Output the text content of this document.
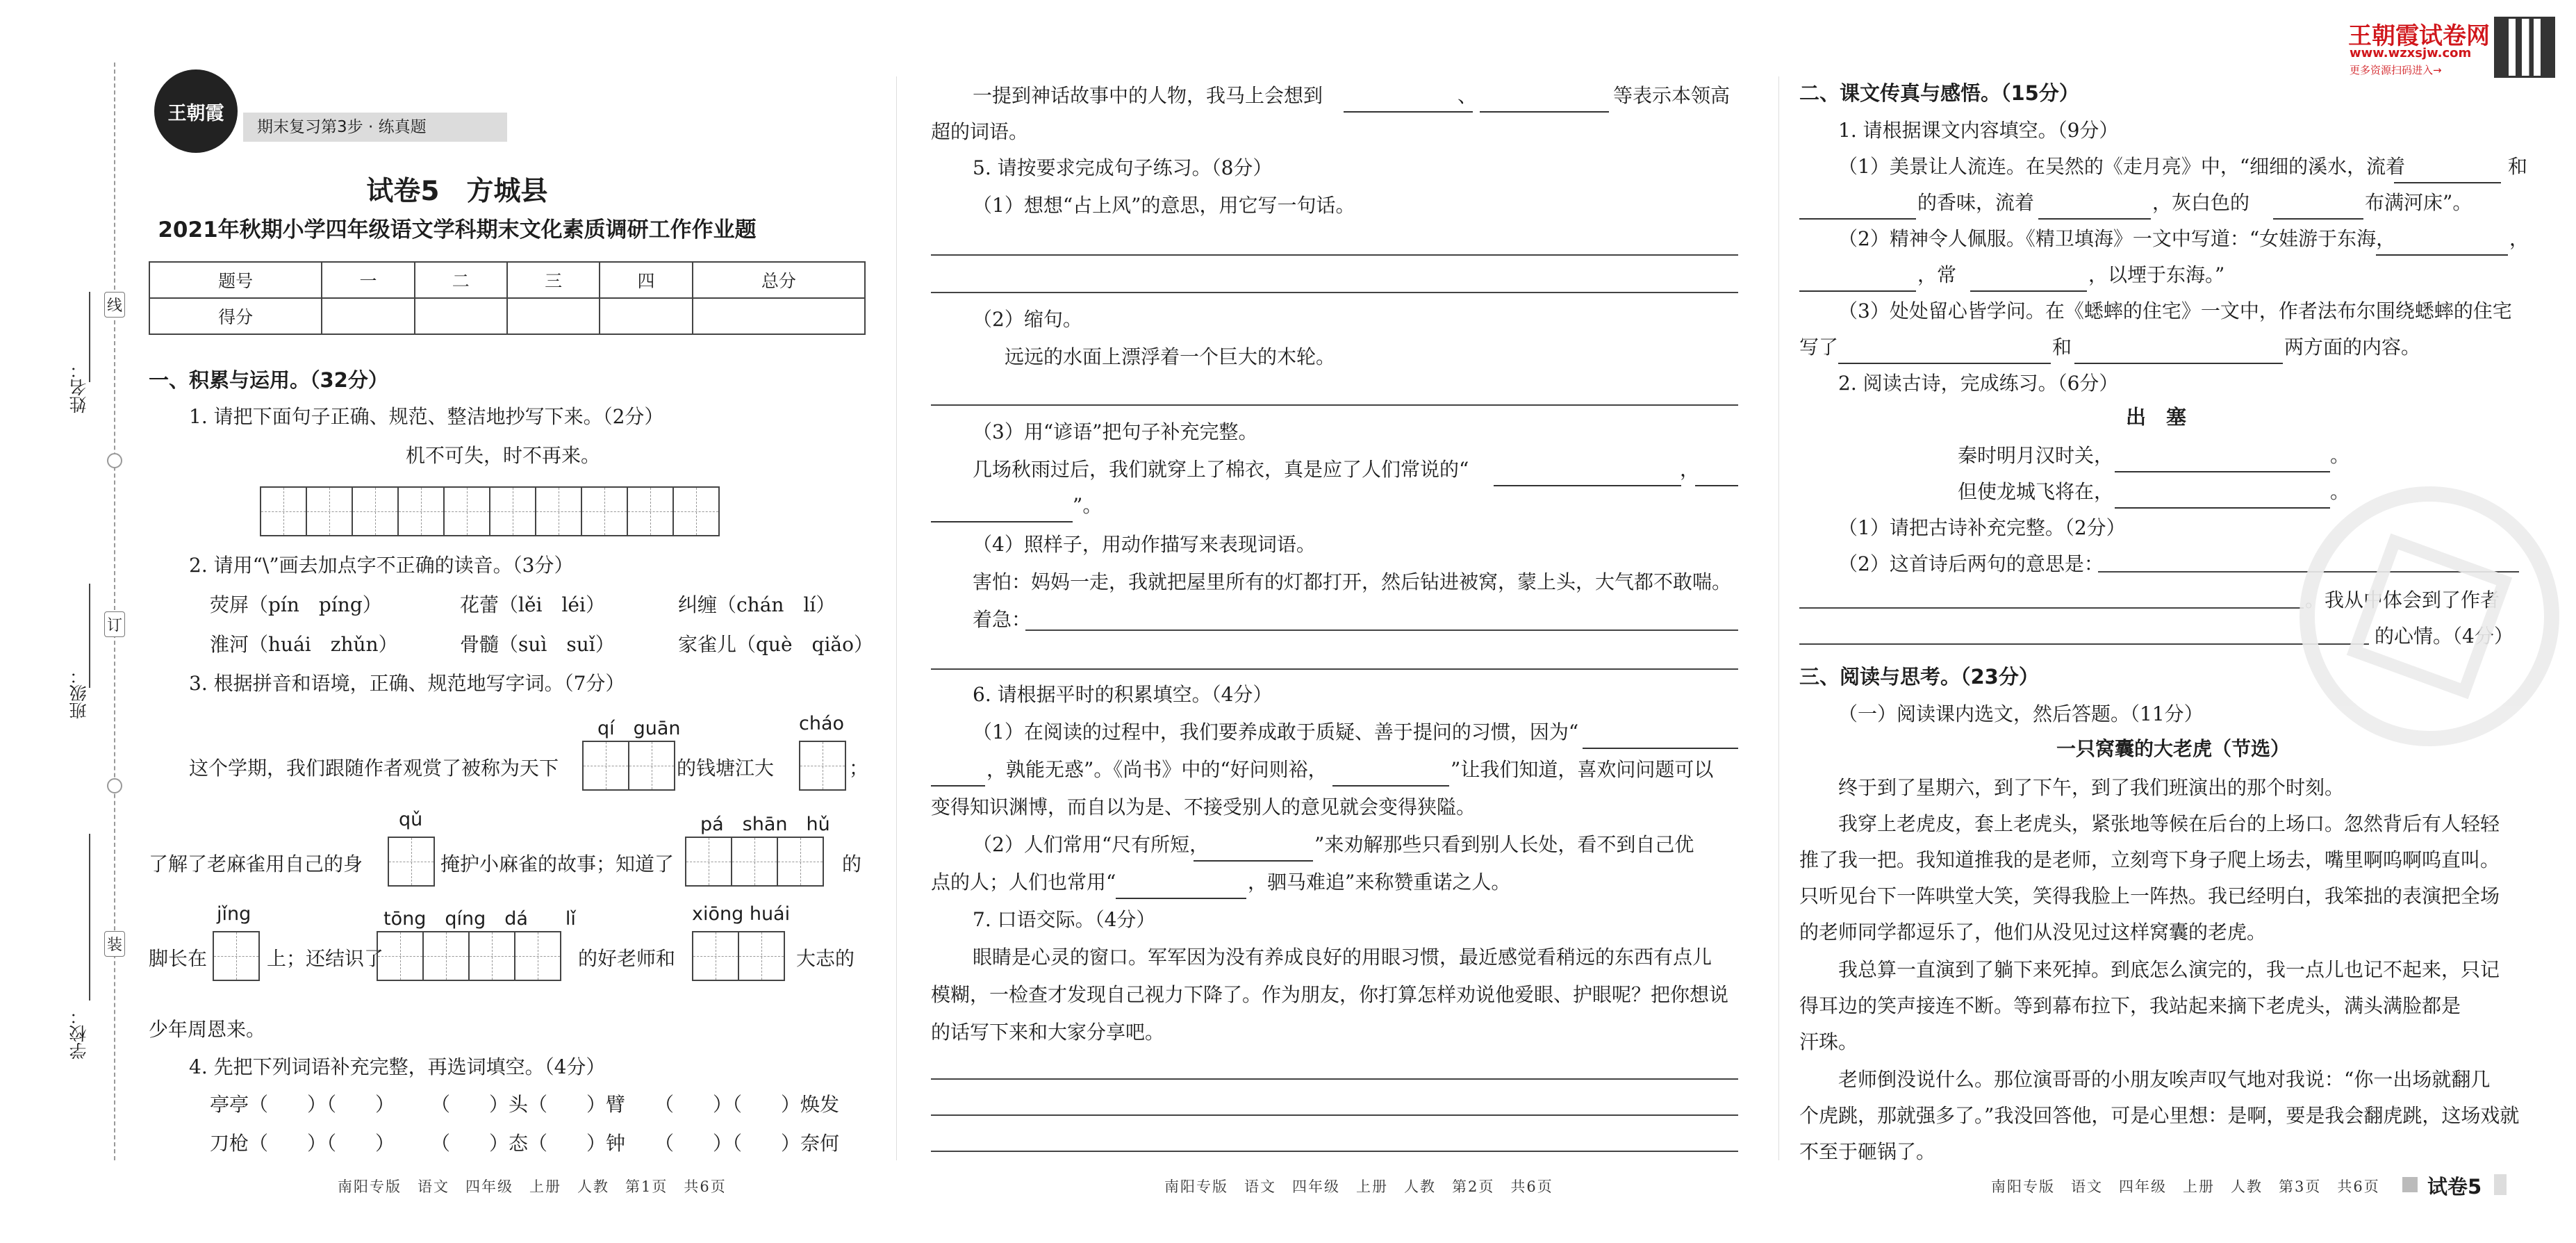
线
订
装
姓名：
班级：
学校：
王朝霞
期末复习第3步 · 练真题
试卷5　方城县
2021年秋期小学四年级语文学科期末文化素质调研工作作业题
题号	一	二	三	四	总分
得分					
一、积累与运用。（32分）
1. 请把下面句子正确、规范、整洁地抄写下来。（2分）
机不可失，时不再来。
2. 请用“\”画去加点字不正确的读音。（3分）
荧屏（pín　píng）	花蕾（lěi　léi）	纠缠（chán　lí）
淮河（huái　zhǔn）	骨髓（suì　suǐ）	家雀儿（què　qiǎo）
3. 根据拼音和语境，正确、规范地写字词。（7分）
qí　guān	cháo
这个学期，我们跟随作者观赏了被称为天下	的钱塘江大	；
qǔ	pá　shān　hǔ
了解了老麻雀用自己的身	掩护小麻雀的故事；知道了	的
jǐng	tōng　qíng　dá　　lǐ	xiōng huái
脚长在	上；还结识了	的好老师和	大志的
少年周恩来。
4. 先把下列词语补充完整，再选词填空。（4分）
亭亭（　　）（　　） （　　）头（　　）臂 （　　）（　　）焕发
刀枪（　　）（　　） （　　）态（　　）钟 （　　）（　　）奈何
南阳专版　语文　四年级　上册　人教　第1页　共6页
一提到神话故事中的人物，我马上会想到	、	等表示本领高
超的词语。
5. 请按要求完成句子练习。（8分）
（1）想想“占上风”的意思，用它写一句话。
（2）缩句。
远远的水面上漂浮着一个巨大的木轮。
（3）用“谚语”把句子补充完整。
几场秋雨过后，我们就穿上了棉衣，真是应了人们常说的“	，
”。
（4）照样子，用动作描写来表现词语。
害怕：妈妈一走，我就把屋里所有的灯都打开，然后钻进被窝，蒙上头，大气都不敢喘。
着急：
6. 请根据平时的积累填空。（4分）
（1）在阅读的过程中，我们要养成敢于质疑、善于提问的习惯，因为“
，孰能无惑”。《尚书》中的“好问则裕，	”让我们知道，喜欢问问题可以
变得知识渊博，而自以为是、不接受别人的意见就会变得狭隘。
（2）人们常用“尺有所短，	”来劝解那些只看到别人长处，看不到自己优
点的人；人们也常用“	，驷马难追”来称赞重诺之人。
7. 口语交际。（4分）
眼睛是心灵的窗口。军军因为没有养成良好的用眼习惯，最近感觉看稍远的东西有点儿
模糊，一检查才发现自己视力下降了。作为朋友，你打算怎样劝说他爱眼、护眼呢？把你想说
的话写下来和大家分享吧。
南阳专版　语文　四年级　上册　人教　第2页　共6页
二、课文传真与感悟。（15分）
1. 请根据课文内容填空。（9分）
（1）美景让人流连。在吴然的《走月亮》中，“细细的溪水，流着	和
的香味，流着	，灰白色的	布满河床”。
（2）精神令人佩服。《精卫填海》一文中写道：“女娃游于东海，	，
，常	，以堙于东海。”
（3）处处留心皆学问。在《蟋蟀的住宅》一文中，作者法布尔围绕蟋蟀的住宅
写了	和	两方面的内容。
2. 阅读古诗，完成练习。（6分）
出　塞
秦时明月汉时关，	。
但使龙城飞将在，	。
（1）请把古诗补充完整。（2分）
（2）这首诗后两句的意思是：
。我从中体会到了作者
的心情。（4分）
三、阅读与思考。（23分）
（一）阅读课内选文，然后答题。（11分）
一只窝囊的大老虎（节选）
终于到了星期六，到了下午，到了我们班演出的那个时刻。
我穿上老虎皮，套上老虎头，紧张地等候在后台的上场口。忽然背后有人轻轻
推了我一把。我知道推我的是老师，立刻弯下身子爬上场去，嘴里啊呜啊呜直叫。
只听见台下一阵哄堂大笑，笑得我脸上一阵热。我已经明白，我笨拙的表演把全场
的老师同学都逗乐了，他们从没见过这样窝囊的老虎。
我总算一直演到了躺下来死掉。到底怎么演完的，我一点儿也记不起来，只记
得耳边的笑声接连不断。等到幕布拉下，我站起来摘下老虎头，满头满脸都是
汗珠。
老师倒没说什么。那位演哥哥的小朋友唉声叹气地对我说：“你一出场就翻几
个虎跳，那就强多了。”我没回答他，可是心里想：是啊，要是我会翻虎跳，这场戏就
不至于砸锅了。
南阳专版　语文　四年级　上册　人教　第3页　共6页
王朝霞试卷网
www.wzxsjw.com
更多资源扫码进入→
试卷5
